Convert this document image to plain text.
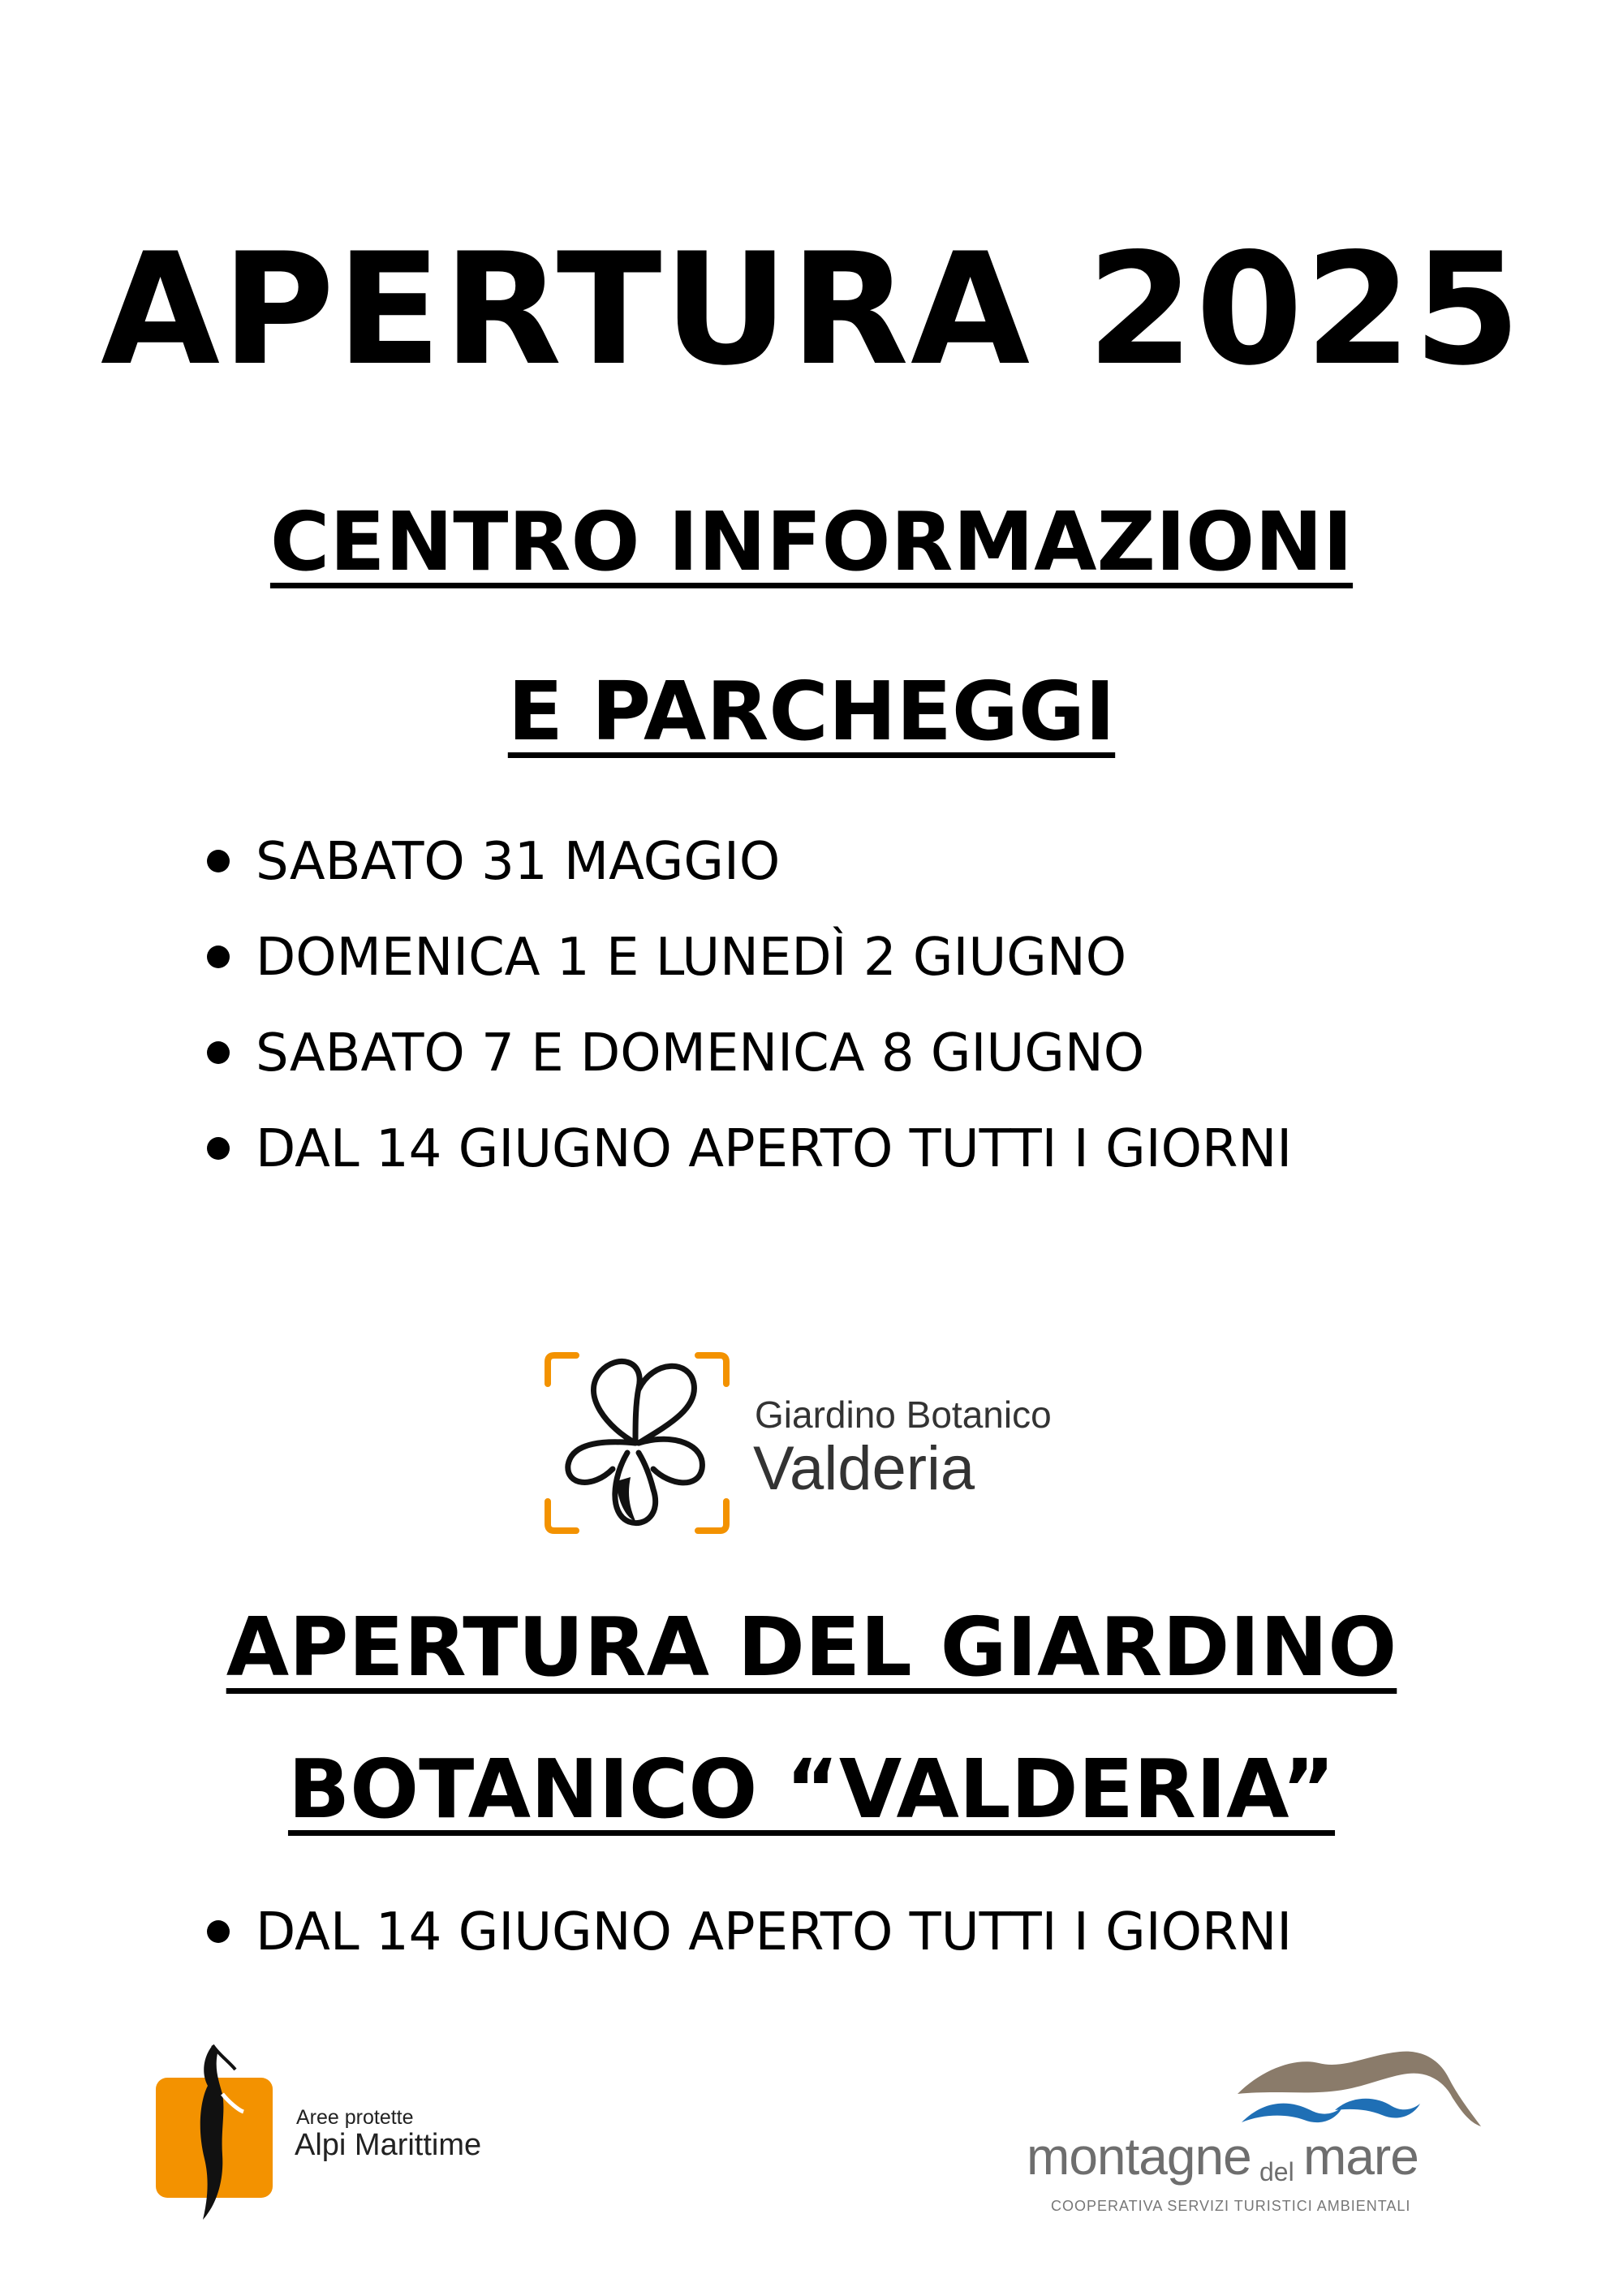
APERTURA 2025
CENTRO INFORMAZIONI
E PARCHEGGI
SABATO 31 MAGGIO
DOMENICA 1 E LUNEDÌ 2 GIUGNO
SABATO 7 E DOMENICA 8 GIUGNO
DAL 14 GIUGNO APERTO TUTTI I GIORNI
Giardino Botanico
Valderia
APERTURA DEL GIARDINO
BOTANICO “VALDERIA”
DAL 14 GIUGNO APERTO TUTTI I GIORNI
Aree protette
Alpi Marittime	montagne del mare
COOPERATIVA SERVIZI TURISTICI AMBIENTALI
